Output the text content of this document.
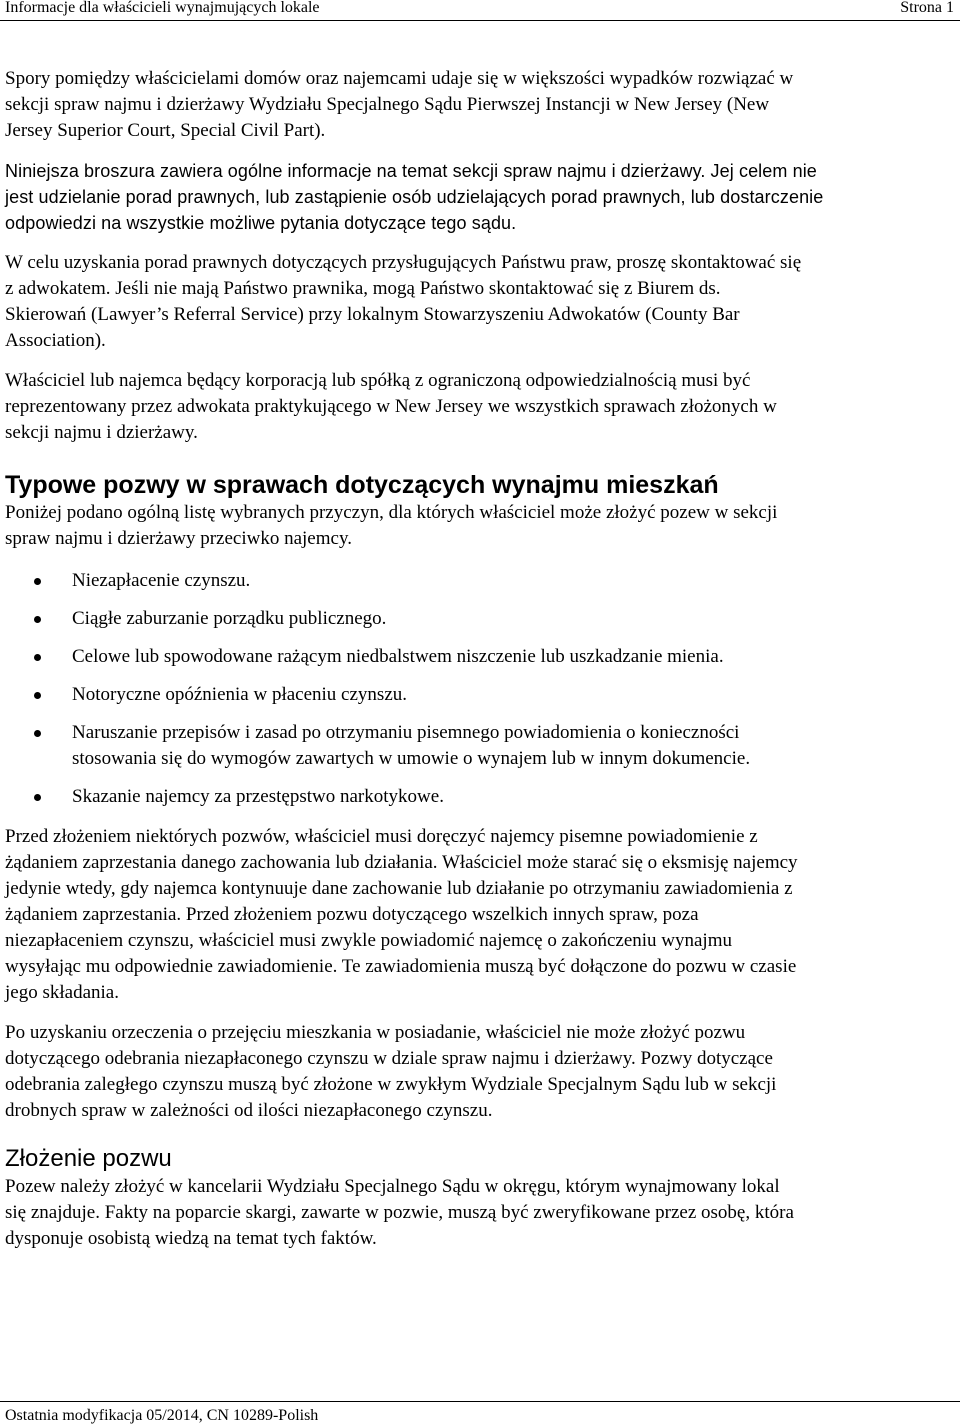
Informacje dla właścicieli wynajmujących lokale	Strona 1

Spory pomiędzy właścicielami domów oraz najemcami udaje się w większości wypadków rozwiązać w
sekcji spraw najmu i dzierżawy Wydziału Specjalnego Sądu Pierwszej Instancji w New Jersey (New
Jersey Superior Court, Special Civil Part).

Niniejsza broszura zawiera ogólne informacje na temat sekcji spraw najmu i dzierżawy. Jej celem nie
jest udzielanie porad prawnych, lub zastąpienie osób udzielających porad prawnych, lub dostarczenie
odpowiedzi na wszystkie możliwe pytania dotyczące tego sądu.

W celu uzyskania porad prawnych dotyczących przysługujących Państwu praw, proszę skontaktować się
z adwokatem. Jeśli nie mają Państwo prawnika, mogą Państwo skontaktować się z Biurem ds.
Skierowań (Lawyer’s Referral Service) przy lokalnym Stowarzyszeniu Adwokatów (County Bar
Association).

Właściciel lub najemca będący korporacją lub spółką z ograniczoną odpowiedzialnością musi być
reprezentowany przez adwokata praktykującego w New Jersey we wszystkich sprawach złożonych w
sekcji najmu i dzierżawy.

Typowe pozwy w sprawach dotyczących wynajmu mieszkań

Poniżej podano ogólną listę wybranych przyczyn, dla których właściciel może złożyć pozew w sekcji
spraw najmu i dzierżawy przeciwko najemcy.

Niezapłacenie czynszu.
Ciągłe zaburzanie porządku publicznego.
Celowe lub spowodowane rażącym niedbalstwem niszczenie lub uszkadzanie mienia.
Notoryczne opóźnienia w płaceniu czynszu.
Naruszanie przepisów i zasad po otrzymaniu pisemnego powiadomienia o konieczności
stosowania się do wymogów zawartych w umowie o wynajem lub w innym dokumencie.
Skazanie najemcy za przestępstwo narkotykowe.

Przed złożeniem niektórych pozwów, właściciel musi doręczyć najemcy pisemne powiadomienie z
żądaniem zaprzestania danego zachowania lub działania. Właściciel może starać się o eksmisję najemcy
jedynie wtedy, gdy najemca kontynuuje dane zachowanie lub działanie po otrzymaniu zawiadomienia z
żądaniem zaprzestania. Przed złożeniem pozwu dotyczącego wszelkich innych spraw, poza
niezapłaceniem czynszu, właściciel musi zwykle powiadomić najemcę o zakończeniu wynajmu
wysyłając mu odpowiednie zawiadomienie. Te zawiadomienia muszą być dołączone do pozwu w czasie
jego składania.

Po uzyskaniu orzeczenia o przejęciu mieszkania w posiadanie, właściciel nie może złożyć pozwu
dotyczącego odebrania niezapłaconego czynszu w dziale spraw najmu i dzierżawy. Pozwy dotyczące
odebrania zaległego czynszu muszą być złożone w zwykłym Wydziale Specjalnym Sądu lub w sekcji
drobnych spraw w zależności od ilości niezapłaconego czynszu.

Złożenie pozwu

Pozew należy złożyć w kancelarii Wydziału Specjalnego Sądu w okręgu, którym wynajmowany lokal
się znajduje. Fakty na poparcie skargi, zawarte w pozwie, muszą być zweryfikowane przez osobę, która
dysponuje osobistą wiedzą na temat tych faktów.

Ostatnia modyfikacja 05/2014, CN 10289-Polish
